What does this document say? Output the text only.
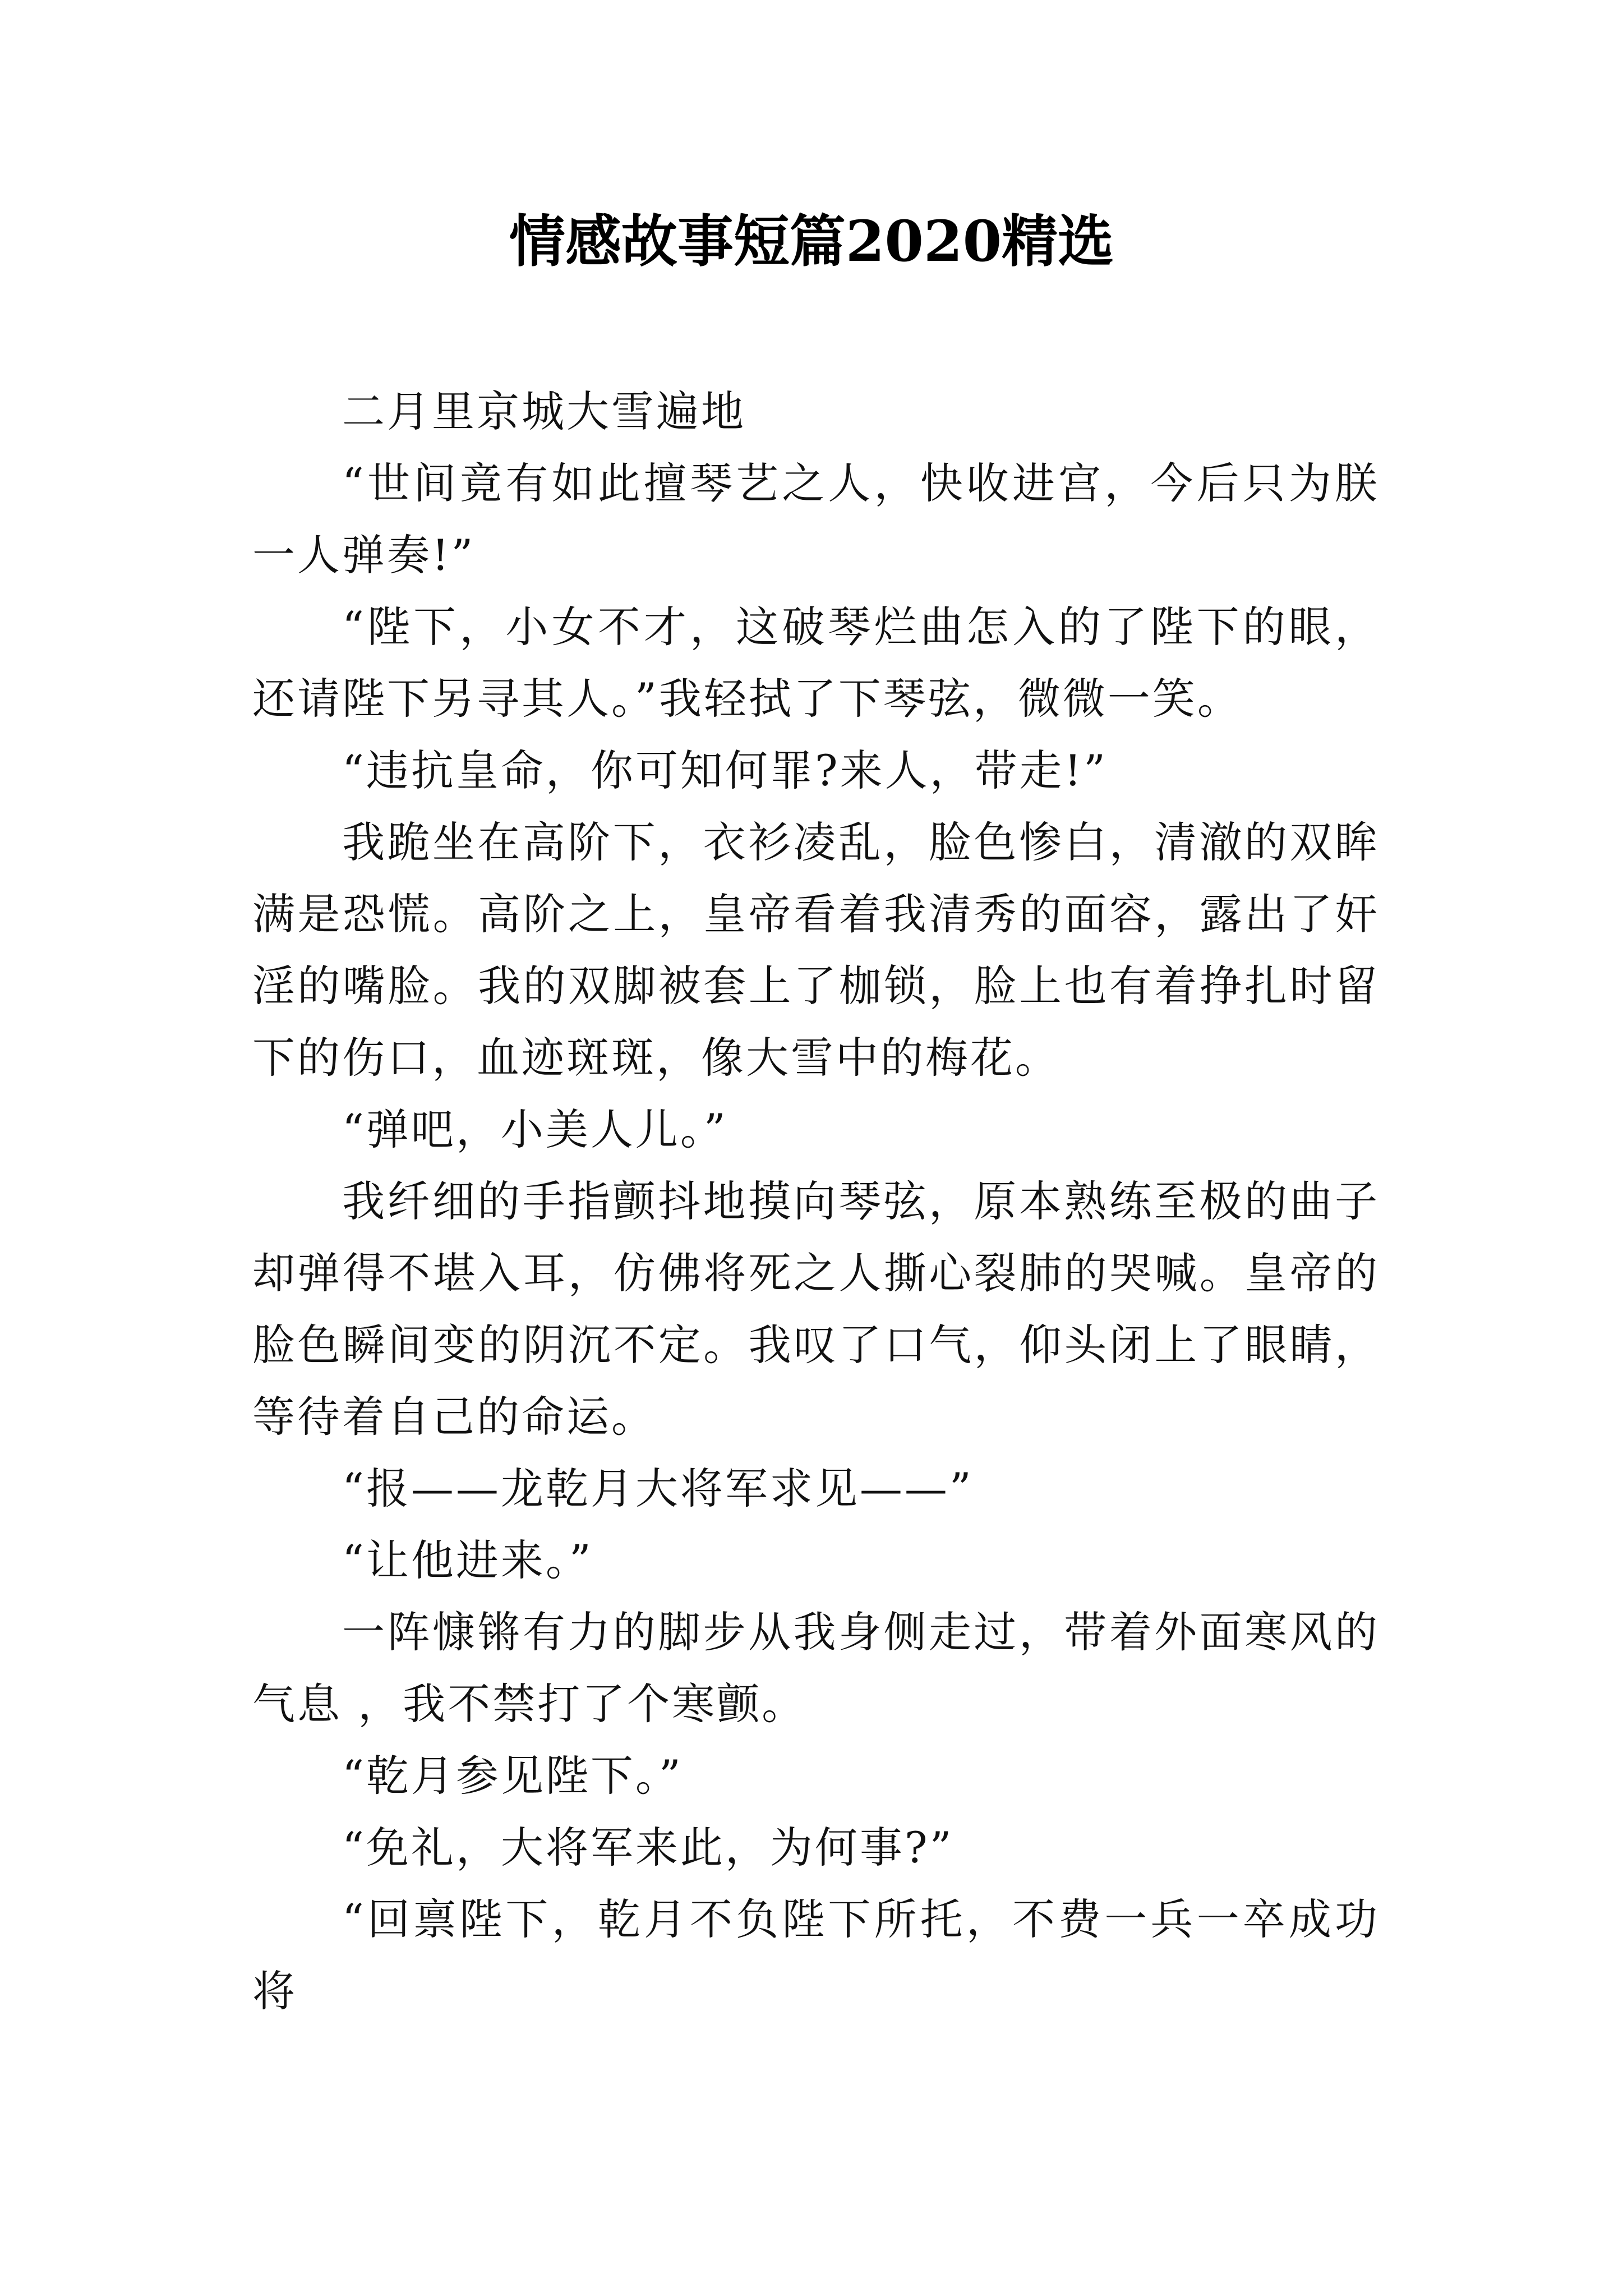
情感故事短篇2020精选

二月里京城大雪遍地

“世间竟有如此擅琴艺之人，快收进宫，今后只为朕一人弹奏!”

“陛下，小女不才，这破琴烂曲怎入的了陛下的眼，还请陛下另寻其人。”我轻拭了下琴弦，微微一笑。

“违抗皇命，你可知何罪?来人，带走!”

我跪坐在高阶下，衣衫凌乱，脸色惨白，清澈的双眸满是恐慌。高阶之上，皇帝看着我清秀的面容，露出了奸淫的嘴脸。我的双脚被套上了枷锁，脸上也有着挣扎时留下的伤口，血迹斑斑，像大雪中的梅花。

“弹吧，小美人儿。”

我纤细的手指颤抖地摸向琴弦，原本熟练至极的曲子却弹得不堪入耳，仿佛将死之人撕心裂肺的哭喊。皇帝的脸色瞬间变的阴沉不定。我叹了口气，仰头闭上了眼睛，等待着自己的命运。

“报——龙乾月大将军求见——”

“让他进来。”

一阵慷锵有力的脚步从我身侧走过，带着外面寒风的气息 ，我不禁打了个寒颤。

“乾月参见陛下。”

“免礼，大将军来此，为何事?”

“回禀陛下，乾月不负陛下所托，不费一兵一卒成功将
